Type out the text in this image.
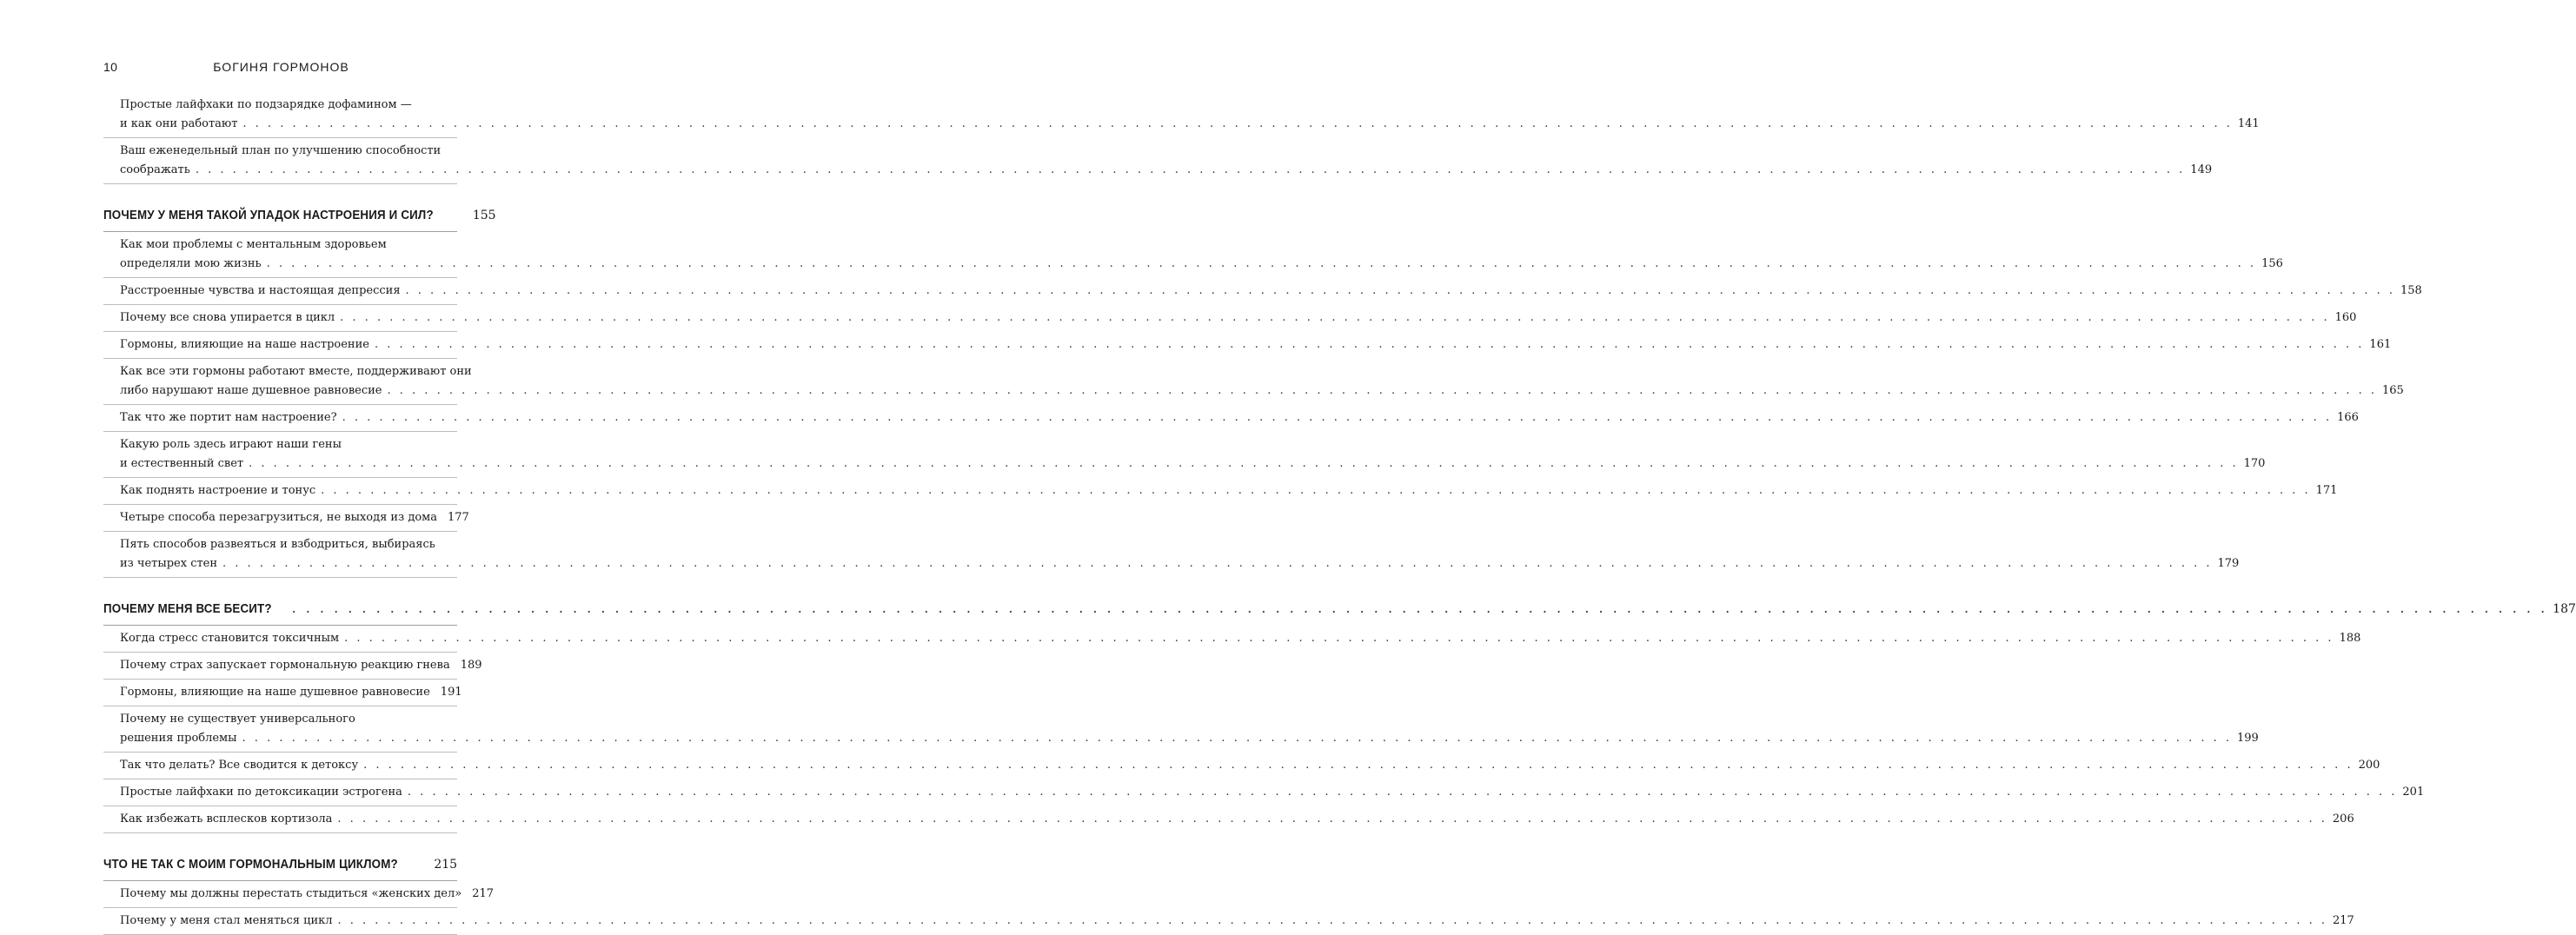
10	БОГИНЯ ГОРМОНОВ
Простые лайфхаки по подзарядке дофамином —
и как они работают . . .	141
Ваш еженедельный план по улучшению способности
соображать . . .	149
ПОЧЕМУ У МЕНЯ ТАКОЙ УПАДОК НАСТРОЕНИЯ И СИЛ?	155
Как мои проблемы с ментальным здоровьем
определяли мою жизнь . . .	156
Расстроенные чувства и настоящая депрессия . . .	158
Почему все снова упирается в цикл . . .	160
Гормоны, влияющие на наше настроение . . .	161
Как все эти гормоны работают вместе, поддерживают они
либо нарушают наше душевное равновесие . . .	165
Так что же портит нам настроение? . . .	166
Какую роль здесь играют наши гены
и естественный свет . . .	170
Как поднять настроение и тонус . . .	171
Четыре способа перезагрузиться, не выходя из дома 177
Пять способов развеяться и взбодриться, выбираясь
из четырех стен . . .	179
ПОЧЕМУ МЕНЯ ВСЕ БЕСИТ? . . .	187
Когда стресс становится токсичным . . .	188
Почему страх запускает гормональную реакцию гнева 189
Гормоны, влияющие на наше душевное равновесие 191
Почему не существует универсального
решения проблемы . . .	199
Так что делать? Все сводится к детоксу . . .	200
Простые лайфхаки по детоксикации эстрогена . . .	201
Как избежать всплесков кортизола . . .	206
ЧТО НЕ ТАК С МОИМ ГОРМОНАЛЬНЫМ ЦИКЛОМ?	215
Почему мы должны перестать стыдиться «женских дел» 217
Почему у меня стал меняться цикл . . .	217
